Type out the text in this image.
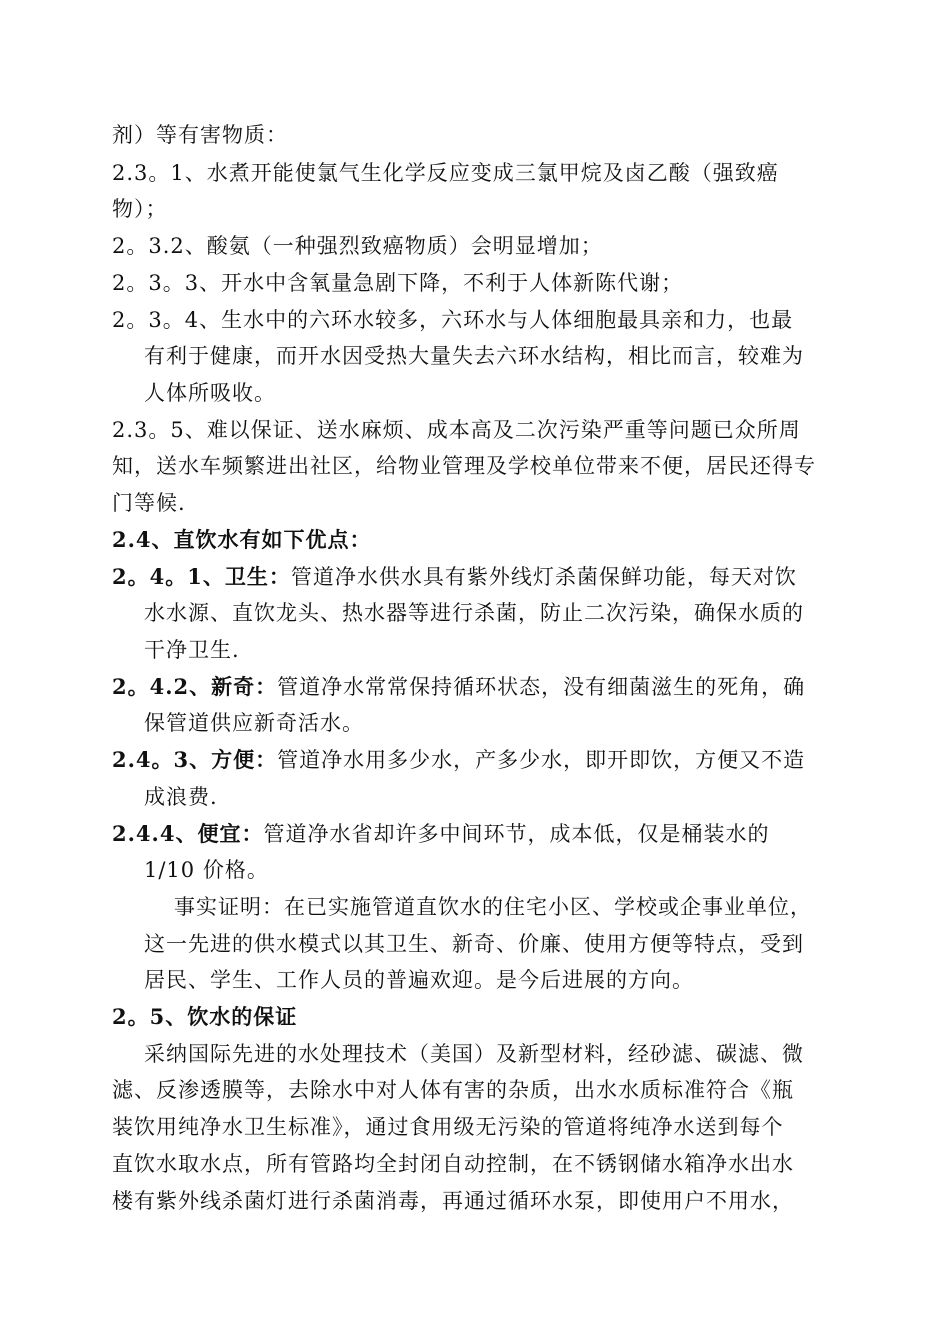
剂）等有害物质：
2.3。1、水煮开能使氯气生化学反应变成三氯甲烷及卤乙酸（强致癌
物）；
2。3.2、酸氨（一种强烈致癌物质）会明显增加；
2。3。3、开水中含氧量急剧下降，不利于人体新陈代谢；
2。3。4、生水中的六环水较多，六环水与人体细胞最具亲和力，也最
有利于健康，而开水因受热大量失去六环水结构，相比而言，较难为
人体所吸收。
2.3。5、难以保证、送水麻烦、成本高及二次污染严重等问题已众所周
知，送水车频繁进出社区，给物业管理及学校单位带来不便，居民还得专
门等候.
2.4、直饮水有如下优点：
2。4。1、卫生：管道净水供水具有紫外线灯杀菌保鲜功能，每天对饮
水水源、直饮龙头、热水器等进行杀菌，防止二次污染，确保水质的
干净卫生.
2。4.2、新奇：管道净水常常保持循环状态，没有细菌滋生的死角，确
保管道供应新奇活水。
2.4。3、方便：管道净水用多少水，产多少水，即开即饮，方便又不造
成浪费.
2.4.4、便宜：管道净水省却许多中间环节，成本低，仅是桶装水的
1/10 价格。
事实证明：在已实施管道直饮水的住宅小区、学校或企事业单位，
这一先进的供水模式以其卫生、新奇、价廉、使用方便等特点，受到
居民、学生、工作人员的普遍欢迎。是今后进展的方向。
2。5、饮水的保证
采纳国际先进的水处理技术（美国）及新型材料，经砂滤、碳滤、微
滤、反渗透膜等，去除水中对人体有害的杂质，出水水质标准符合《瓶
装饮用纯净水卫生标准》，通过食用级无污染的管道将纯净水送到每个
直饮水取水点，所有管路均全封闭自动控制，在不锈钢储水箱净水出水
楼有紫外线杀菌灯进行杀菌消毒，再通过循环水泵，即使用户不用水，
